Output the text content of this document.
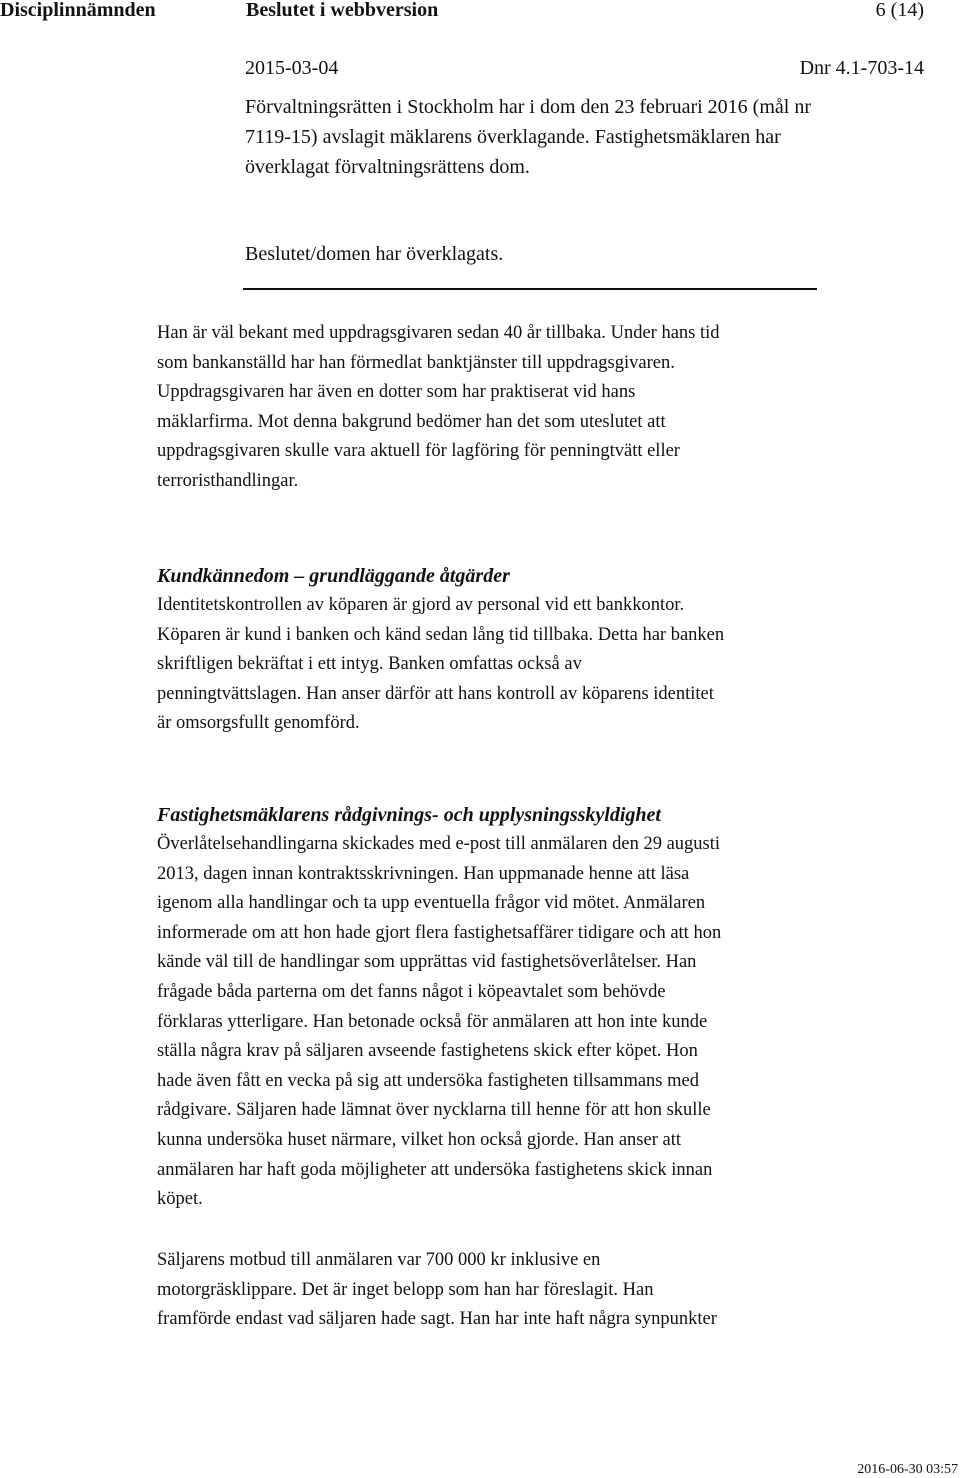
Disciplinnämnden	Beslutet i webbversion	6 (14)
2015-03-04	Dnr 4.1-703-14
Förvaltningsrätten i Stockholm har i dom den 23 februari 2016 (mål nr
7119-15) avslagit mäklarens överklagande. Fastighetsmäklaren har
överklagat förvaltningsrättens dom.
Beslutet/domen har överklagats.
Han är väl bekant med uppdragsgivaren sedan 40 år tillbaka. Under hans tid
som bankanställd har han förmedlat banktjänster till uppdragsgivaren.
Uppdragsgivaren har även en dotter som har praktiserat vid hans
mäklarfirma. Mot denna bakgrund bedömer han det som uteslutet att
uppdragsgivaren skulle vara aktuell för lagföring för penningtvätt eller
terroristhandlingar.
Kundkännedom – grundläggande åtgärder
Identitetskontrollen av köparen är gjord av personal vid ett bankkontor.
Köparen är kund i banken och känd sedan lång tid tillbaka. Detta har banken
skriftligen bekräftat i ett intyg. Banken omfattas också av
penningtvättslagen. Han anser därför att hans kontroll av köparens identitet
är omsorgsfullt genomförd.
Fastighetsmäklarens rådgivnings- och upplysningsskyldighet
Överlåtelsehandlingarna skickades med e-post till anmälaren den 29 augusti
2013, dagen innan kontraktsskrivningen. Han uppmanade henne att läsa
igenom alla handlingar och ta upp eventuella frågor vid mötet. Anmälaren
informerade om att hon hade gjort flera fastighetsaffärer tidigare och att hon
kände väl till de handlingar som upprättas vid fastighetsöverlåtelser. Han
frågade båda parterna om det fanns något i köpeavtalet som behövde
förklaras ytterligare. Han betonade också för anmälaren att hon inte kunde
ställa några krav på säljaren avseende fastighetens skick efter köpet. Hon
hade även fått en vecka på sig att undersöka fastigheten tillsammans med
rådgivare. Säljaren hade lämnat över nycklarna till henne för att hon skulle
kunna undersöka huset närmare, vilket hon också gjorde. Han anser att
anmälaren har haft goda möjligheter att undersöka fastighetens skick innan
köpet.
Säljarens motbud till anmälaren var 700 000 kr inklusive en
motorgräsklippare. Det är inget belopp som han har föreslagit. Han
framförde endast vad säljaren hade sagt. Han har inte haft några synpunkter
2016-06-30 03:57
